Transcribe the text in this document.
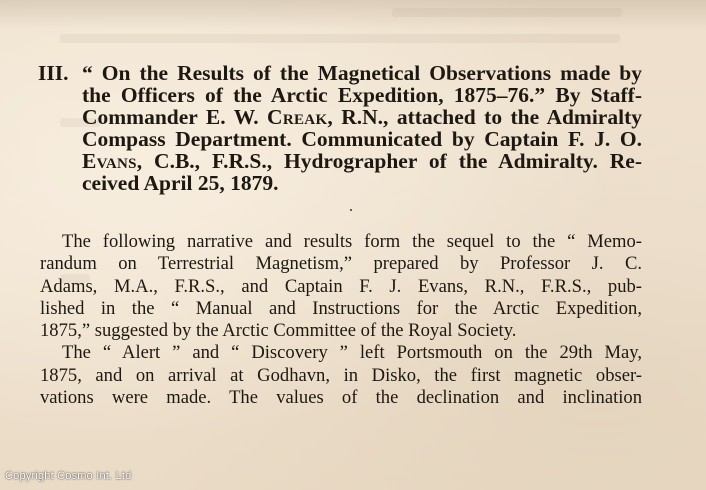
III. “ On the Results of the Magnetical Observations made by
the Officers of the Arctic Expedition, 1875–76.” By Staff-
Commander E. W. Creak, R.N., attached to the Admiralty
Compass Department. Communicated by Captain F. J. O.
Evans, C.B., F.R.S., Hydrographer of the Admiralty. Re-
ceived April 25, 1879.

The following narrative and results form the sequel to the “ Memo-
randum on Terrestrial Magnetism,” prepared by Professor J. C.
Adams, M.A., F.R.S., and Captain F. J. Evans, R.N., F.R.S., pub-
lished in the “ Manual and Instructions for the Arctic Expedition,
1875,” suggested by the Arctic Committee of the Royal Society.

The “ Alert ” and “ Discovery ” left Portsmouth on the 29th May,
1875, and on arrival at Godhavn, in Disko, the first magnetic obser-
vations were made. The values of the declination and inclination

Copyright Cosmo Int. Ltd
